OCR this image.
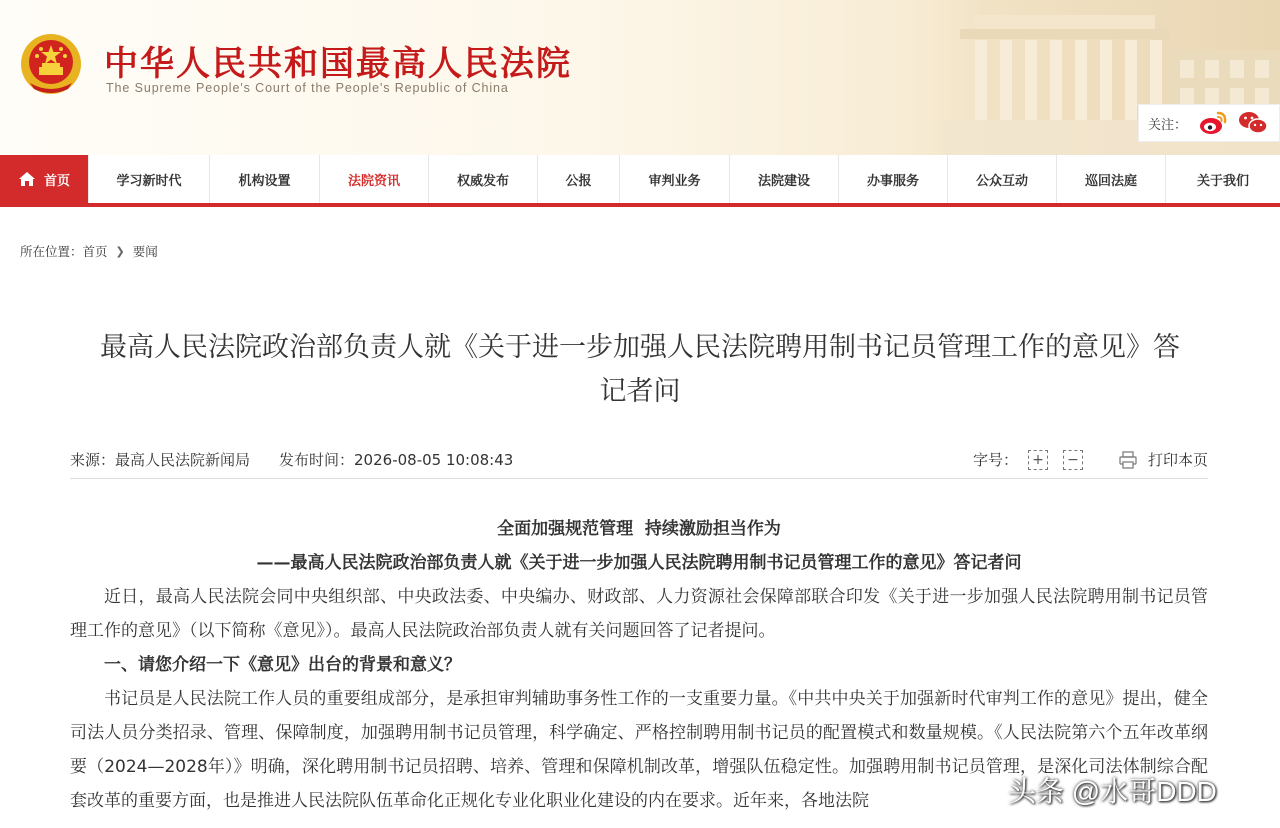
中华人民共和国最高人民法院
The Supreme People's Court of the People's Republic of China
关注：
首页	学习新时代	机构设置	法院资讯	权威发布	公报	审判业务	法院建设	办事服务	公众互动	巡回法庭	关于我们
所在位置： 首页 ❯ 要闻
最高人民法院政治部负责人就《关于进一步加强人民法院聘用制书记员管理工作的意见》答
记者问
来源：最高人民法院新闻局 发布时间：2026-08-05 10:08:43	字号： + −	打印本页
全面加强规范管理  持续激励担当作为
——最高人民法院政治部负责人就《关于进一步加强人民法院聘用制书记员管理工作的意见》答记者问
近日，最高人民法院会同中央组织部、中央政法委、中央编办、财政部、人力资源社会保障部联合印发《关于进一步加强人民法院聘用制书记员管理工作的意见》（以下简称《意见》）。最高人民法院政治部负责人就有关问题回答了记者提问。
一、请您介绍一下《意见》出台的背景和意义？
书记员是人民法院工作人员的重要组成部分，是承担审判辅助事务性工作的一支重要力量。《中共中央关于加强新时代审判工作的意见》提出，健全司法人员分类招录、管理、保障制度，加强聘用制书记员管理，科学确定、严格控制聘用制书记员的配置模式和数量规模。《人民法院第六个五年改革纲要（2024—2028年）》明确，深化聘用制书记员招聘、培养、管理和保障机制改革，增强队伍稳定性。加强聘用制书记员管理，是深化司法体制综合配套改革的重要方面，也是推进人民法院队伍革命化正规化专业化职业化建设的内在要求。近年来，各地法院	头条 @水哥DDD
